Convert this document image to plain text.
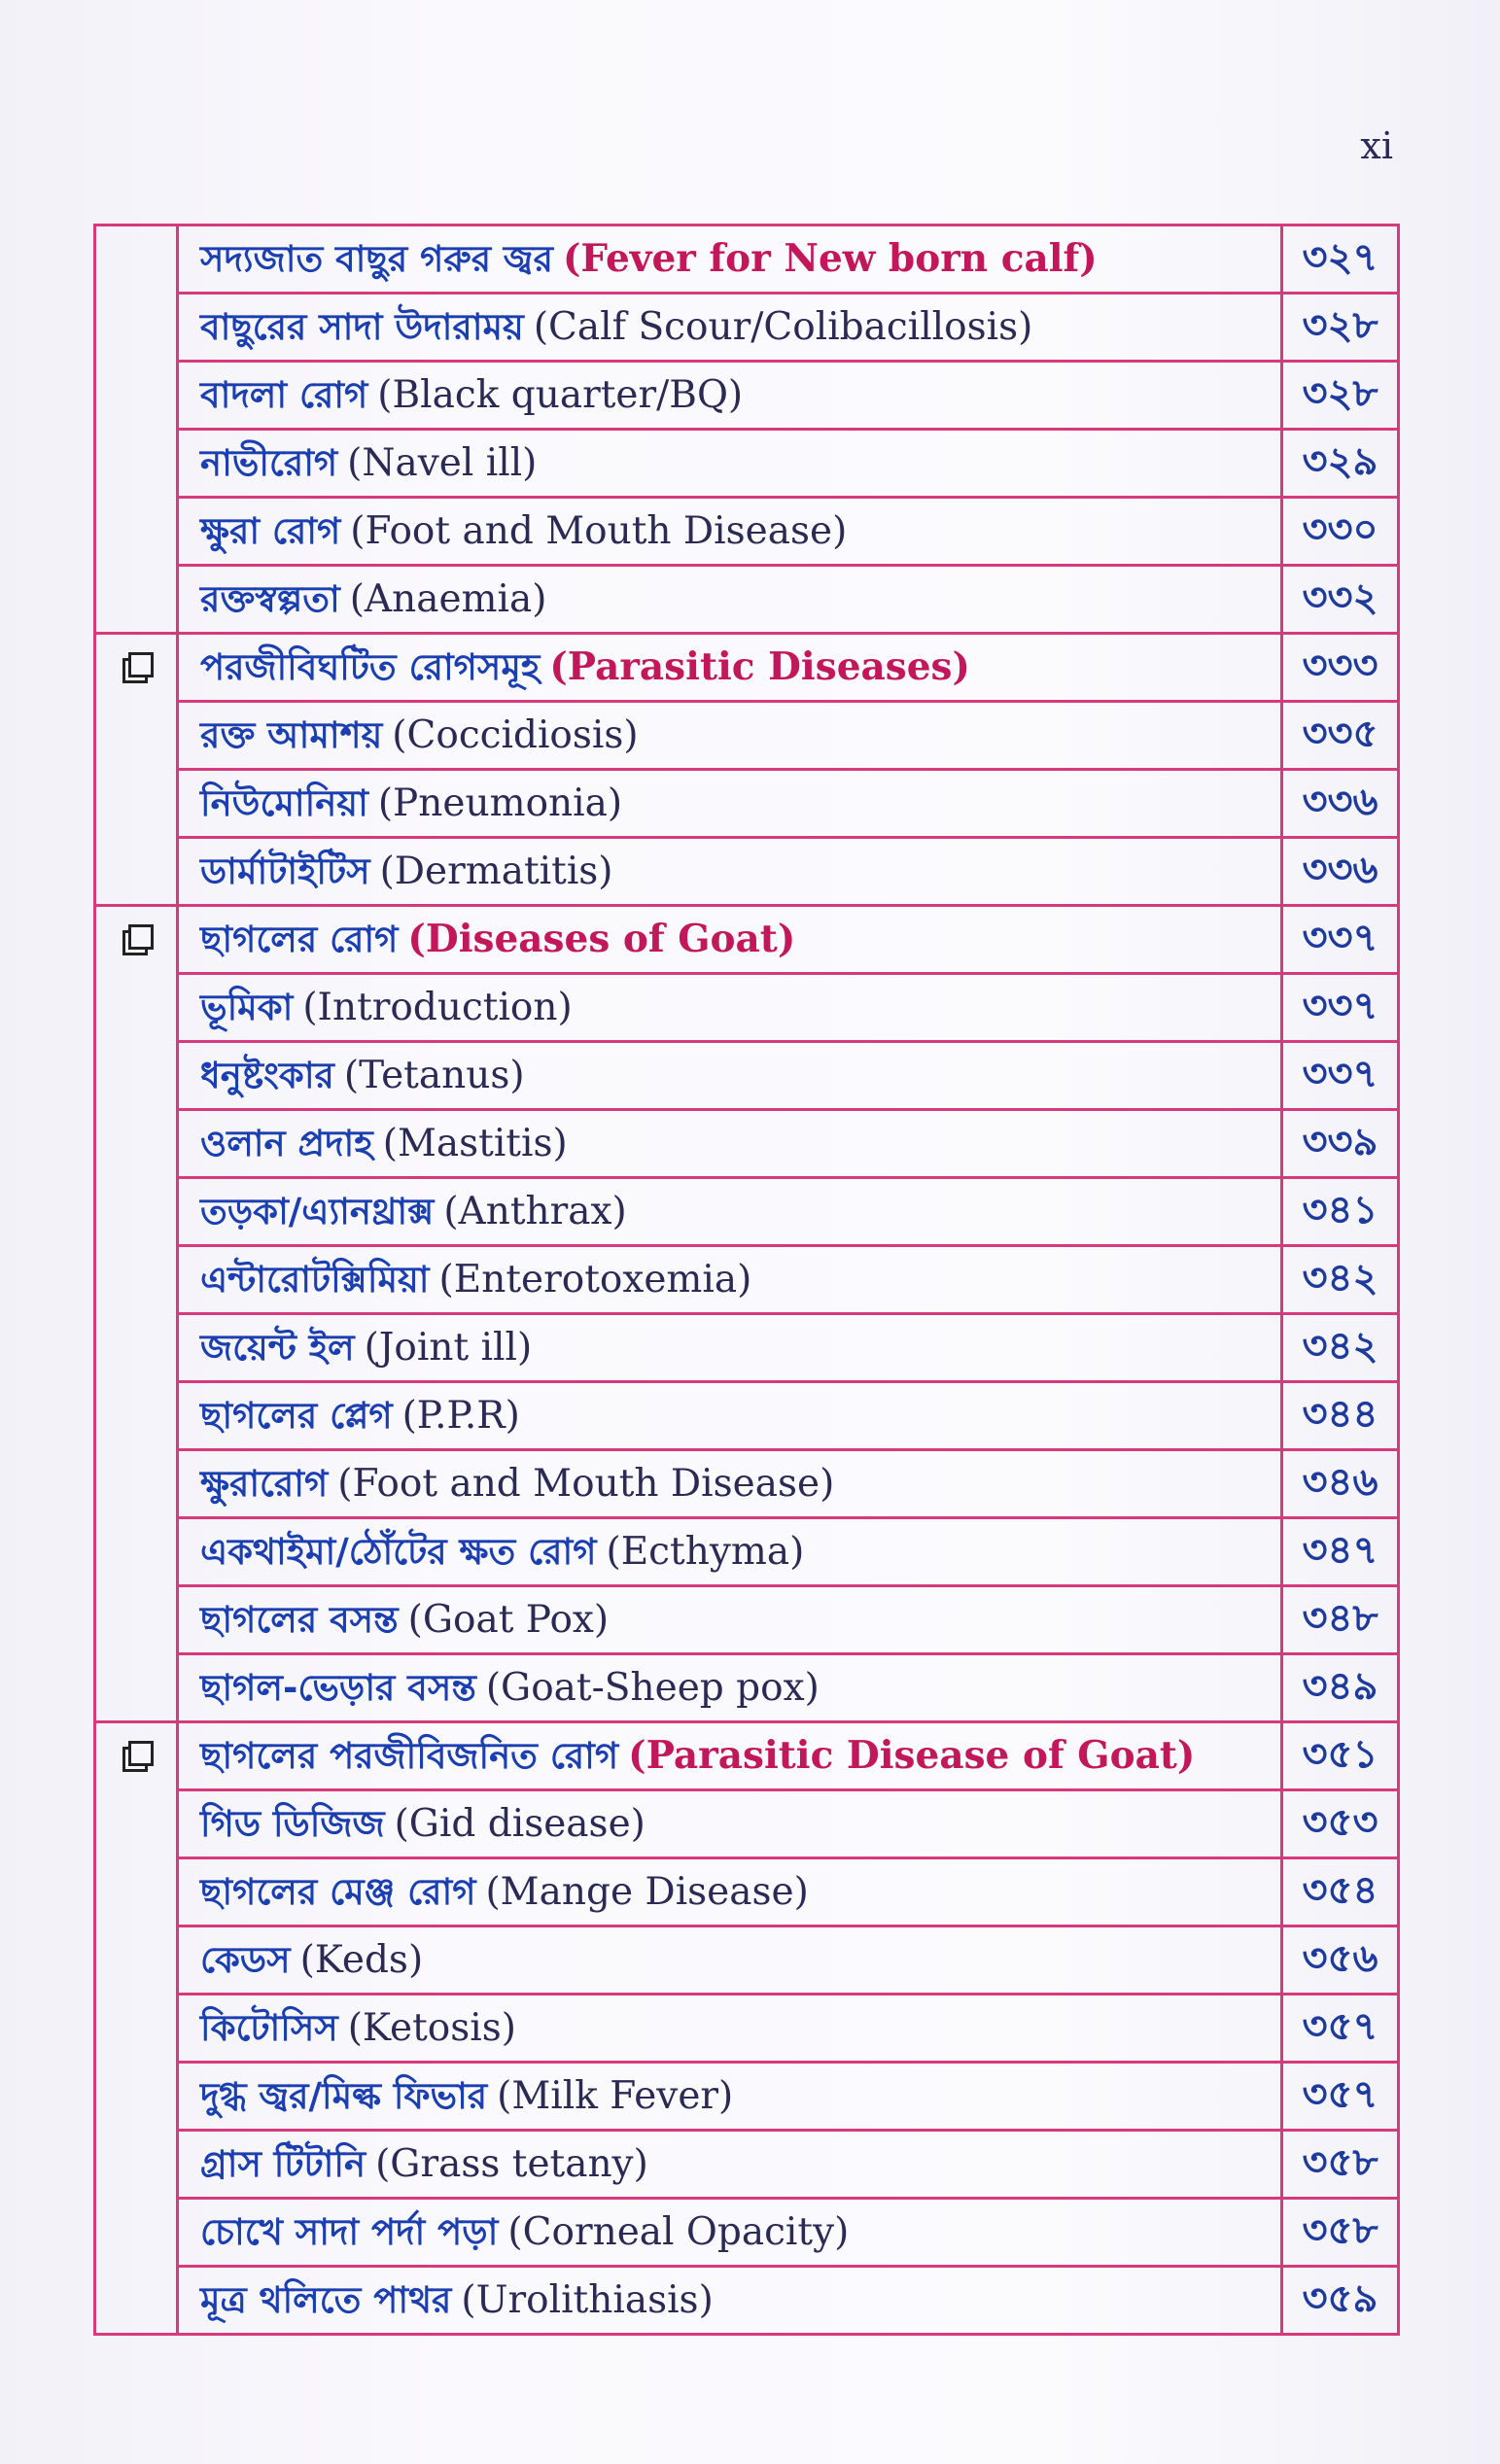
xi
	সদ্যজাত বাছুর গরুর জ্বর (Fever for New born calf)	৩২৭
	বাছুরের সাদা উদারাময় (Calf Scour/Colibacillosis)	৩২৮
	বাদলা রোগ (Black quarter/BQ)	৩২৮
	নাভীরোগ (Navel ill)	৩২৯
	ক্ষুরা রোগ (Foot and Mouth Disease)	৩৩০
	রক্তস্বল্পতা (Anaemia)	৩৩২
	পরজীবিঘটিত রোগসমূহ (Parasitic Diseases)	৩৩৩
	রক্ত আমাশয় (Coccidiosis)	৩৩৫
	নিউমোনিয়া (Pneumonia)	৩৩৬
	ডার্মাটাইটিস (Dermatitis)	৩৩৬
	ছাগলের রোগ (Diseases of Goat)	৩৩৭
	ভূমিকা (Introduction)	৩৩৭
	ধনুষ্টংকার (Tetanus)	৩৩৭
	ওলান প্রদাহ (Mastitis)	৩৩৯
	তড়কা/এ্যানথ্রাক্স (Anthrax)	৩৪১
	এন্টারোটক্সিমিয়া (Enterotoxemia)	৩৪২
	জয়েন্ট ইল (Joint ill)	৩৪২
	ছাগলের প্লেগ (P.P.R)	৩৪৪
	ক্ষুরারোগ (Foot and Mouth Disease)	৩৪৬
	একথাইমা/ঠোঁটের ক্ষত রোগ (Ecthyma)	৩৪৭
	ছাগলের বসন্ত (Goat Pox)	৩৪৮
	ছাগল-ভেড়ার বসন্ত (Goat-Sheep pox)	৩৪৯
	ছাগলের পরজীবিজনিত রোগ (Parasitic Disease of Goat)	৩৫১
	গিড ডিজিজ (Gid disease)	৩৫৩
	ছাগলের মেঞ্জ রোগ (Mange Disease)	৩৫৪
	কেডস (Keds)	৩৫৬
	কিটোসিস (Ketosis)	৩৫৭
	দুগ্ধ জ্বর/মিল্ক ফিভার (Milk Fever)	৩৫৭
	গ্রাস টিটানি (Grass tetany)	৩৫৮
	চোখে সাদা পর্দা পড়া (Corneal Opacity)	৩৫৮
	মূত্র থলিতে পাথর (Urolithiasis)	৩৫৯
